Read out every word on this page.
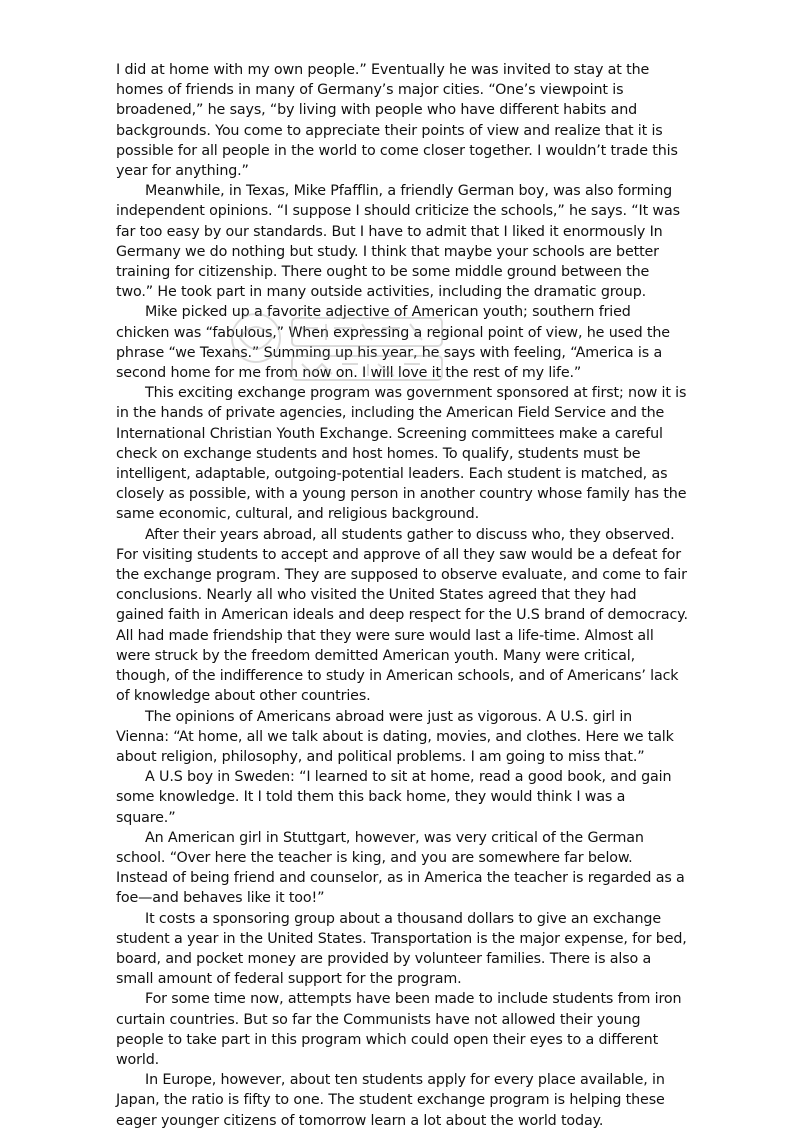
I did at home with my own people.” Eventually he was invited to stay at the homes of friends in many of Germany’s major cities. “One’s viewpoint is broadened,” he says, “by living with people who have different habits and backgrounds. You come to appreciate their points of view and realize that it is possible for all people in the world to come closer together. I wouldn’t trade this year for anything.”

Meanwhile, in Texas, Mike Pfafflin, a friendly German boy, was also forming independent opinions. “I suppose I should criticize the schools,” he says. “It was far too easy by our standards. But I have to admit that I liked it enormously In Germany we do nothing but study. I think that maybe your schools are better training for citizenship. There ought to be some middle ground between the two.” He took part in many outside activities, including the dramatic group.

Mike picked up a favorite adjective of American youth; southern fried chicken was “fabulous,” When expressing a regional point of view, he used the phrase “we Texans.” Summing up his year, he says with feeling, “America is a second home for me from now on. I will love it the rest of my life.”

This exciting exchange program was government sponsored at first; now it is in the hands of private agencies, including the American Field Service and the International Christian Youth Exchange. Screening committees make a careful check on exchange students and host homes. To qualify, students must be intelligent, adaptable, outgoing-potential leaders. Each student is matched, as closely as possible, with a young person in another country whose family has the same economic, cultural, and religious background.

After their years abroad, all students gather to discuss who, they observed. For visiting students to accept and approve of all they saw would be a defeat for the exchange program. They are supposed to observe evaluate, and come to fair conclusions. Nearly all who visited the United States agreed that they had gained faith in American ideals and deep respect for the U.S brand of democracy. All had made friendship that they were sure would last a life-time. Almost all were struck by the freedom demitted American youth. Many were critical, though, of the indifference to study in American schools, and of Americans’ lack of knowledge about other countries.

The opinions of Americans abroad were just as vigorous. A U.S. girl in Vienna: “At home, all we talk about is dating, movies, and clothes. Here we talk about religion, philosophy, and political problems. I am going to miss that.”

A U.S boy in Sweden: “I learned to sit at home, read a good book, and gain some knowledge. It I told them this back home, they would think I was a square.”

An American girl in Stuttgart, however, was very critical of the German school. “Over here the teacher is king, and you are somewhere far below. Instead of being friend and counselor, as in America the teacher is regarded as a foe—and behaves like it too!”

It costs a sponsoring group about a thousand dollars to give an exchange student a year in the United States. Transportation is the major expense, for bed, board, and pocket money are provided by volunteer families. There is also a small amount of federal support for the program.

For some time now, attempts have been made to include students from iron curtain countries. But so far the Communists have not allowed their young people to take part in this program which could open their eyes to a different world.

In Europe, however, about ten students apply for every place available, in Japan, the ratio is fifty to one. The student exchange program is helping these eager younger citizens of tomorrow learn a lot about the world today.
